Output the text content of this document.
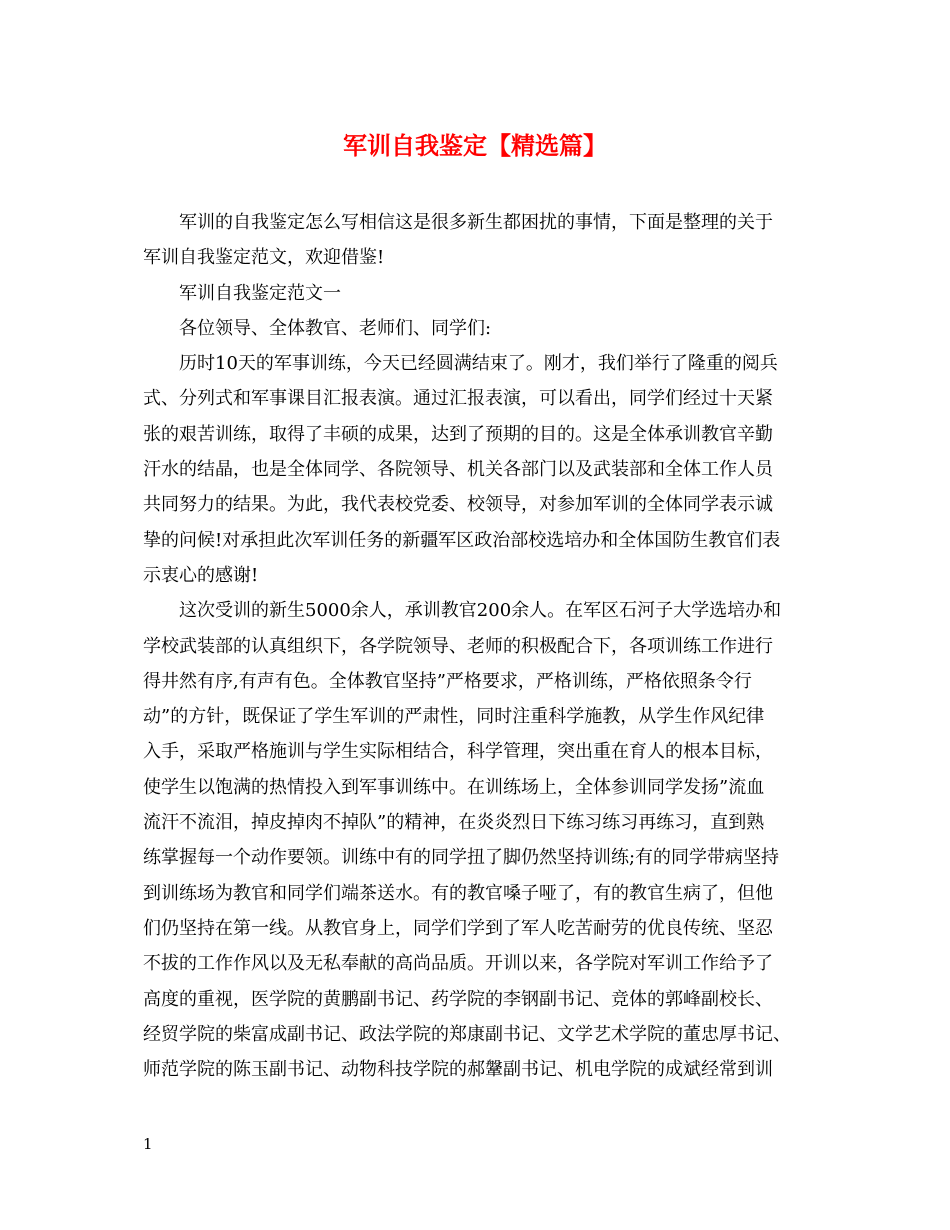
军训自我鉴定【精选篇】
军训的自我鉴定怎么写相信这是很多新生都困扰的事情，下面是整理的关于
军训自我鉴定范文，欢迎借鉴!
军训自我鉴定范文一
各位领导、全体教官、老师们、同学们:
历时10天的军事训练，今天已经圆满结束了。刚才，我们举行了隆重的阅兵
式、分列式和军事课目汇报表演。通过汇报表演，可以看出，同学们经过十天紧
张的艰苦训练，取得了丰硕的成果，达到了预期的目的。这是全体承训教官辛勤
汗水的结晶，也是全体同学、各院领导、机关各部门以及武装部和全体工作人员
共同努力的结果。为此，我代表校党委、校领导，对参加军训的全体同学表示诚
挚的问候!对承担此次军训任务的新疆军区政治部校选培办和全体国防生教官们表
示衷心的感谢!
这次受训的新生5000余人，承训教官200余人。在军区石河子大学选培办和
学校武装部的认真组织下，各学院领导、老师的积极配合下，各项训练工作进行
得井然有序,有声有色。全体教官坚持”严格要求，严格训练，严格依照条令行
动”的方针，既保证了学生军训的严肃性，同时注重科学施教，从学生作风纪律
入手，采取严格施训与学生实际相结合，科学管理，突出重在育人的根本目标，
使学生以饱满的热情投入到军事训练中。在训练场上，全体参训同学发扬”流血
流汗不流泪，掉皮掉肉不掉队”的精神，在炎炎烈日下练习练习再练习，直到熟
练掌握每一个动作要领。训练中有的同学扭了脚仍然坚持训练;有的同学带病坚持
到训练场为教官和同学们端茶送水。有的教官嗓子哑了，有的教官生病了，但他
们仍坚持在第一线。从教官身上，同学们学到了军人吃苦耐劳的优良传统、坚忍
不拔的工作作风以及无私奉献的高尚品质。开训以来，各学院对军训工作给予了
高度的重视，医学院的黄鹏副书记、药学院的李钢副书记、竞体的郭峰副校长、
经贸学院的柴富成副书记、政法学院的郑康副书记、文学艺术学院的董忠厚书记、
师范学院的陈玉副书记、动物科技学院的郝鞶副书记、机电学院的成斌经常到训
1
